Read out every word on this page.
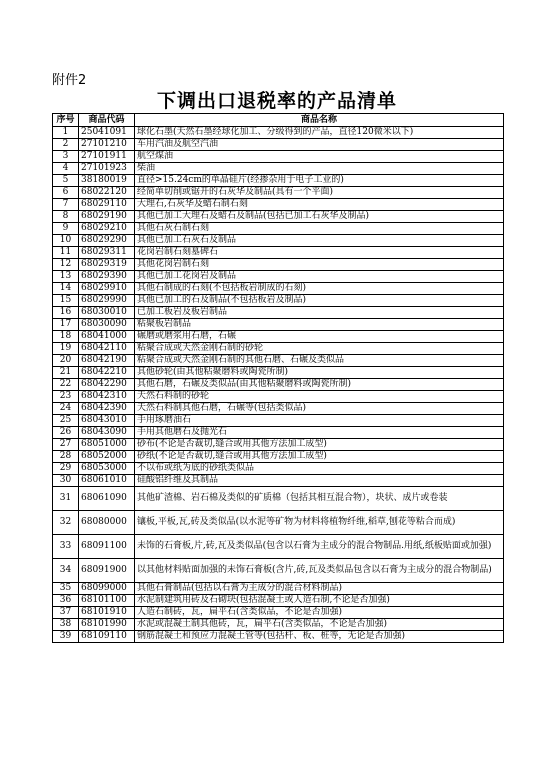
附件2
下调出口退税率的产品清单
序号	商品代码	商品名称
1	25041091	球化石墨(天然石墨经球化加工、分级得到的产品，直径120微米以下)
2	27101210	车用汽油及航空汽油
3	27101911	航空煤油
4	27101923	柴油
5	38180019	直径>15.24cm的单晶硅片(经掺杂用于电子工业的)
6	68022120	经简单切削或锯开的石灰华及制品(具有一个平面)
7	68029110	大理石,石灰华及蜡石制石刻
8	68029190	其他已加工大理石及蜡石及制品(包括已加工石灰华及制品)
9	68029210	其他石灰石制石刻
10	68029290	其他已加工石灰石及制品
11	68029311	花岗岩制石刻墓碑石
12	68029319	其他花岗岩制石刻
13	68029390	其他已加工花岗岩及制品
14	68029910	其他石制成的石刻(不包括板岩制成的石刻)
15	68029990	其他已加工的石及制品(不包括板岩及制品)
16	68030010	已加工板岩及板岩制品
17	68030090	粘聚板岩制品
18	68041000	碾磨或磨浆用石磨，石碾
19	68042110	粘聚合成或天然金刚石制的砂轮
20	68042190	粘聚合成或天然金刚石制的其他石磨、石碾及类似品
21	68042210	其他砂轮(由其他粘聚磨料或陶瓷所制)
22	68042290	其他石磨，石碾及类似品(由其他粘聚磨料或陶瓷所制)
23	68042310	天然石料制的砂轮
24	68042390	天然石料制其他石磨，石碾等(包括类似品)
25	68043010	手用琢磨油石
26	68043090	手用其他磨石及抛光石
27	68051000	砂布(不论是否裁切,缝合或用其他方法加工成型)
28	68052000	砂纸(不论是否裁切,缝合或用其他方法加工成型)
29	68053000	不以布或纸为底的砂纸类似品
30	68061010	硅酸铝纤维及其制品
31	68061090	其他矿渣棉、岩石棉及类似的矿质棉（包括其相互混合物），块状、成片或卷装
32	68080000	镶板,平板,瓦,砖及类似品(以水泥等矿物为材料将植物纤维,稻草,刨花等粘合而成)
33	68091100	未饰的石膏板,片,砖,瓦及类似品(包含以石膏为主成分的混合物制品.用纸,纸板贴面或加强)
34	68091900	以其他材料贴面加强的未饰石膏板(含片,砖,瓦及类似品包含以石膏为主成分的混合物制品)
35	68099000	其他石膏制品(包括以石膏为主成分的混合材料制品)
36	68101100	水泥制建筑用砖及石砌块(包括混凝土或人造石制,不论是否加强)
37	68101910	人造石制砖，瓦，扁平石(含类似品，不论是否加强)
38	68101990	水泥或混凝土制其他砖，瓦，扁平石(含类似品，不论是否加强)
39	68109110	钢筋混凝土和预应力混凝土管等(包括杆、板、桩等，无论是否加强)
